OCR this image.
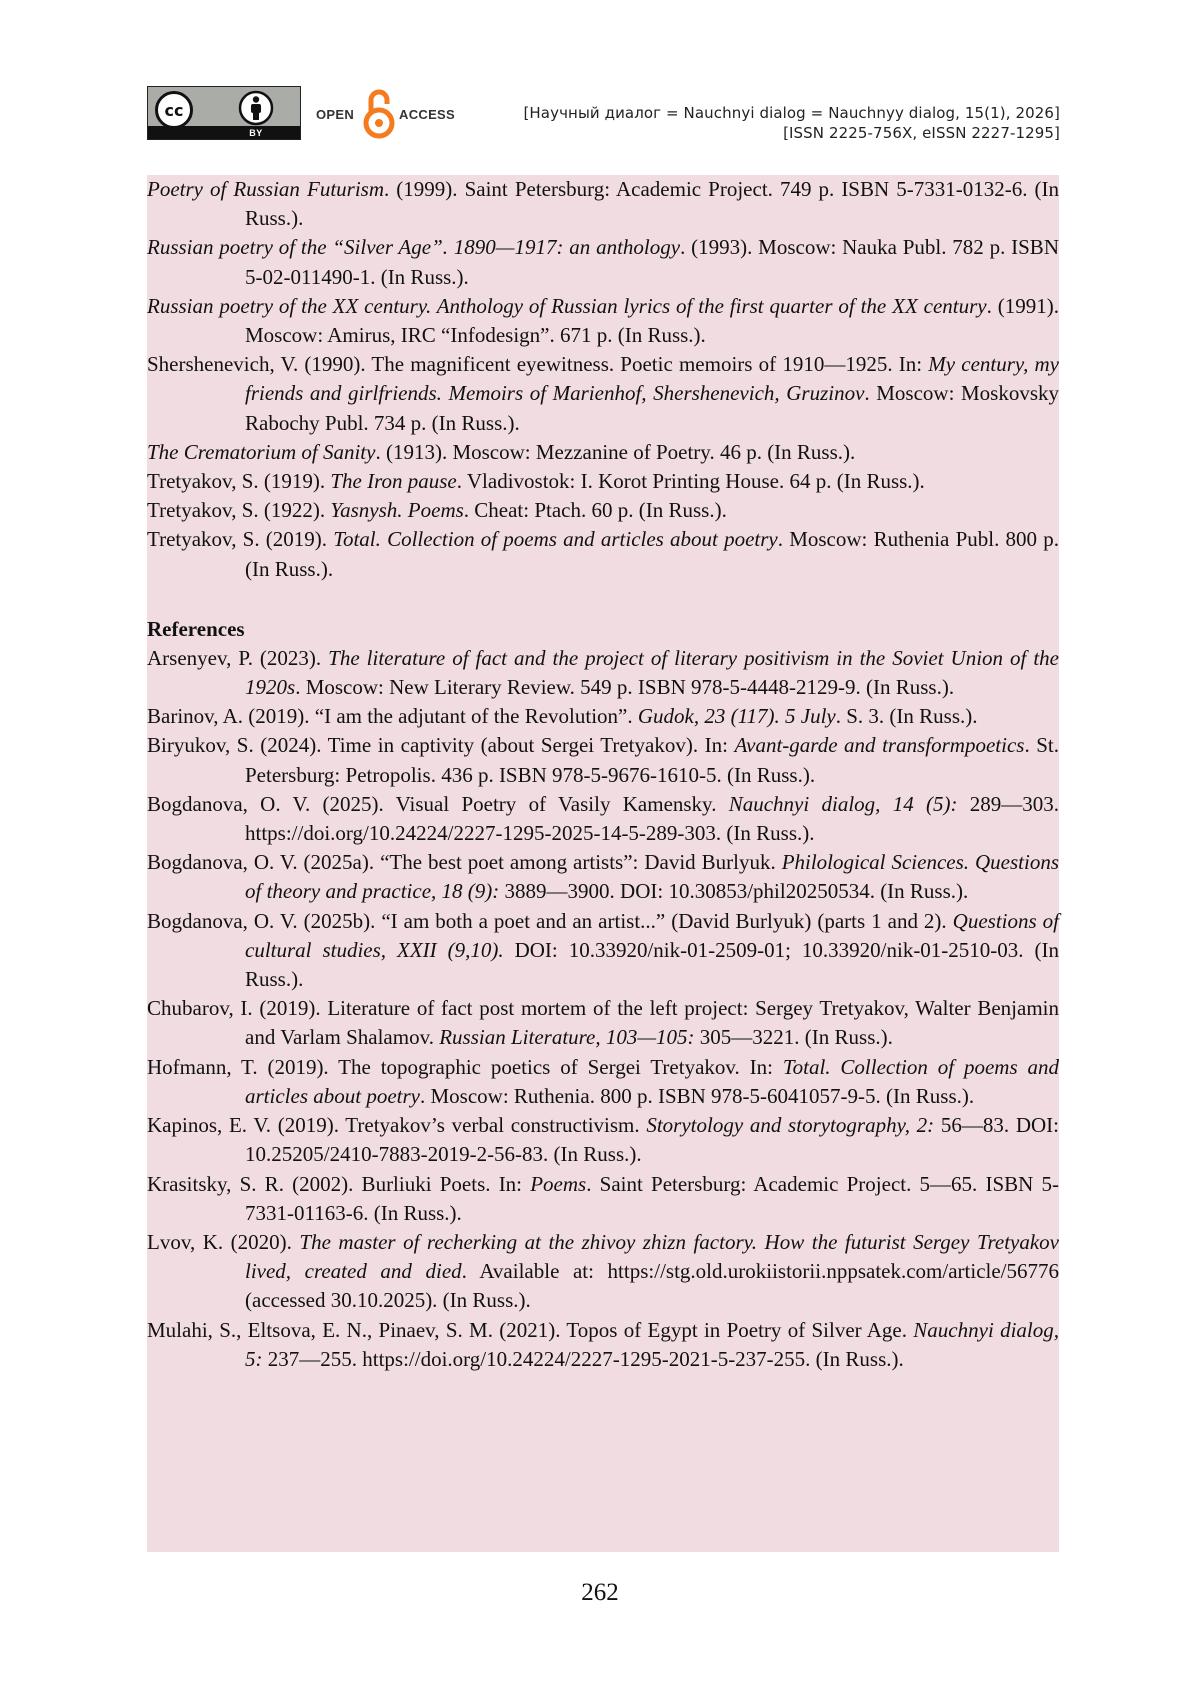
cc
BY
OPEN	ACCESS	[Научный диалог = Nauchnyi dialog = Nauchnyy dialog, 15(1), 2026]
[ISSN 2225-756X, eISSN 2227-1295]

Poetry of Russian Futurism. (1999). Saint Petersburg: Academic Project. 749 p. ISBN 5-7331-0132-6. (In Russ.).

Russian poetry of the “Silver Age”. 1890—1917: an anthology. (1993). Moscow: Nauka Publ. 782 p. ISBN 5-02-011490-1. (In Russ.).

Russian poetry of the XX century. Anthology of Russian lyrics of the first quarter of the XX century. (1991). Moscow: Amirus, IRC “Infodesign”. 671 p. (In Russ.).

Shershenevich, V. (1990). The magnificent eyewitness. Poetic memoirs of 1910—1925. In: My century, my friends and girlfriends. Memoirs of Marienhof, Shershenevich, Gruzinov. Moscow: Moskovsky Rabochy Publ. 734 p. (In Russ.).

The Crematorium of Sanity. (1913). Moscow: Mezzanine of Poetry. 46 p. (In Russ.).

Tretyakov, S. (1919). The Iron pause. Vladivostok: I. Korot Printing House. 64 p. (In Russ.).

Tretyakov, S. (1922). Yasnysh. Poems. Cheat: Ptach. 60 p. (In Russ.).

Tretyakov, S. (2019). Total. Collection of poems and articles about poetry. Moscow: Ruthenia Publ. 800 p. (In Russ.).

References

Arsenyev, P. (2023). The literature of fact and the project of literary positivism in the Soviet Union of the 1920s. Moscow: New Literary Review. 549 p. ISBN 978-5-4448-2129-9. (In Russ.).

Barinov, A. (2019). “I am the adjutant of the Revolution”. Gudok, 23 (117). 5 July. S. 3. (In Russ.).

Biryukov, S. (2024). Time in captivity (about Sergei Tretyakov). In: Avant-garde and transformpoetics. St. Petersburg: Petropolis. 436 p. ISBN 978-5-9676-1610-5. (In Russ.).

Bogdanova, O. V. (2025). Visual Poetry of Vasily Kamensky. Nauchnyi dialog, 14 (5): 289—303. https://doi.org/10.24224/2227-1295-2025-14-5-289-303. (In Russ.).

Bogdanova, O. V. (2025a). “The best poet among artists”: David Burlyuk. Philological Sciences. Questions of theory and practice, 18 (9): 3889—3900. DOI: 10.30853/phil20250534. (In Russ.).

Bogdanova, O. V. (2025b). “I am both a poet and an artist...” (David Burlyuk) (parts 1 and 2). Questions of cultural studies, XXII (9,10). DOI: 10.33920/nik-01-2509-01; 10.33920/nik-01-2510-03. (In Russ.).

Chubarov, I. (2019). Literature of fact post mortem of the left project: Sergey Tretyakov, Walter Benjamin and Varlam Shalamov. Russian Literature, 103—105: 305—3221. (In Russ.).

Hofmann, T. (2019). The topographic poetics of Sergei Tretyakov. In: Total. Collection of poems and articles about poetry. Moscow: Ruthenia. 800 p. ISBN 978-5-6041057-9-5. (In Russ.).

Kapinos, E. V. (2019). Tretyakov’s verbal constructivism. Storytology and storytography, 2: 56—83. DOI: 10.25205/2410-7883-2019-2-56-83. (In Russ.).

Krasitsky, S. R. (2002). Burliuki Poets. In: Poems. Saint Petersburg: Academic Project. 5—65. ISBN 5-7331-01163-6. (In Russ.).

Lvov, K. (2020). The master of recherking at the zhivoy zhizn factory. How the futurist Sergey Tretyakov lived, created and died. Available at: https://stg.old.urokiistorii.nppsatek.com/article/56776 (accessed 30.10.2025). (In Russ.).

Mulahi, S., Eltsova, E. N., Pinaev, S. M. (2021). Topos of Egypt in Poetry of Silver Age. Nauchnyi dialog, 5: 237—255. https://doi.org/10.24224/2227-1295-2021-5-237-255. (In Russ.).

262
